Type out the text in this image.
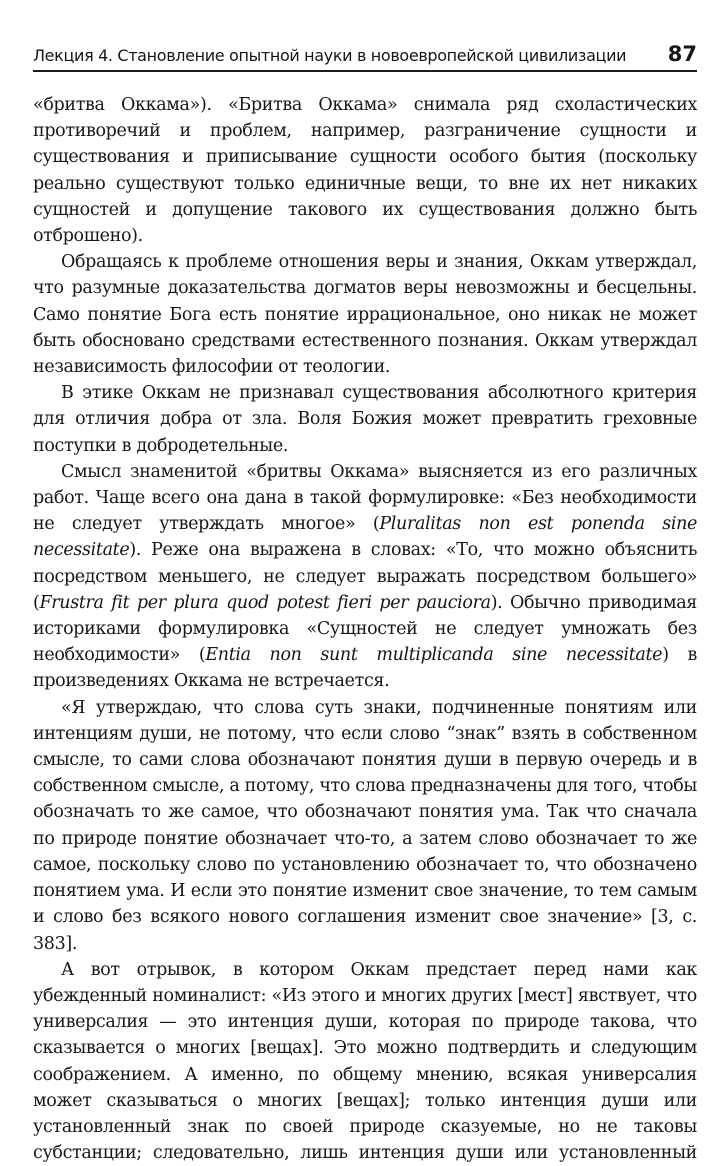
Лекция 4. Становление опытной науки в новоевропейской цивилизации 87

«бритва Оккама»). «Бритва Оккама» снимала ряд схоластических противоречий и проблем, например, разграничение сущности и существования и приписывание сущности особого бытия (поскольку реально существуют только единичные вещи, то вне их нет никаких сущностей и допущение такового их существования должно быть отброшено).

Обращаясь к проблеме отношения веры и знания, Оккам утверждал, что разумные доказательства догматов веры невозможны и бесцельны. Само понятие Бога есть понятие иррациональное, оно никак не может быть обосновано средствами естественного познания. Оккам утверждал независимость философии от теологии.

В этике Оккам не признавал существования абсолютного критерия для отличия добра от зла. Воля Божия может превратить греховные поступки в добродетельные.

Смысл знаменитой «бритвы Оккама» выясняется из его различных работ. Чаще всего она дана в такой формулировке: «Без необходимости не следует утверждать многое» (Pluralitas non est ponenda sine necessitate). Реже она выражена в словах: «То, что можно объяснить посредством меньшего, не следует выражать посредством большего» (Frustra fit per plura quod potest fieri per pauciora). Обычно приводимая историками формулировка «Сущностей не следует умножать без необходимости» (Entia non sunt multiplicanda sine necessitate) в произведениях Оккама не встречается.

«Я утверждаю, что слова суть знаки, подчиненные понятиям или интенциям души, не потому, что если слово “знак” взять в собственном смысле, то сами слова обозначают понятия души в первую очередь и в собственном смысле, а потому, что слова предназначены для того, чтобы обозначать то же самое, что обозначают понятия ума. Так что сначала по природе понятие обозначает что-то, а затем слово обозначает то же самое, поскольку слово по установлению обозначает то, что обозначено понятием ума. И если это понятие изменит свое значение, то тем самым и слово без всякого нового соглашения изменит свое значение» [3, с. 383].

А вот отрывок, в котором Оккам предстает перед нами как убежденный номиналист: «Из этого и многих других [мест] явствует, что универсалия — это интенция души, которая по природе такова, что сказывается о многих [вещах]. Это можно подтвердить и следующим соображением. А именно, по общему мнению, всякая универсалия может сказываться о многих [вещах]; только интенция души или установленный знак по своей природе сказуемые, но не таковы субстанции; следовательно, лишь интенция души или установленный
